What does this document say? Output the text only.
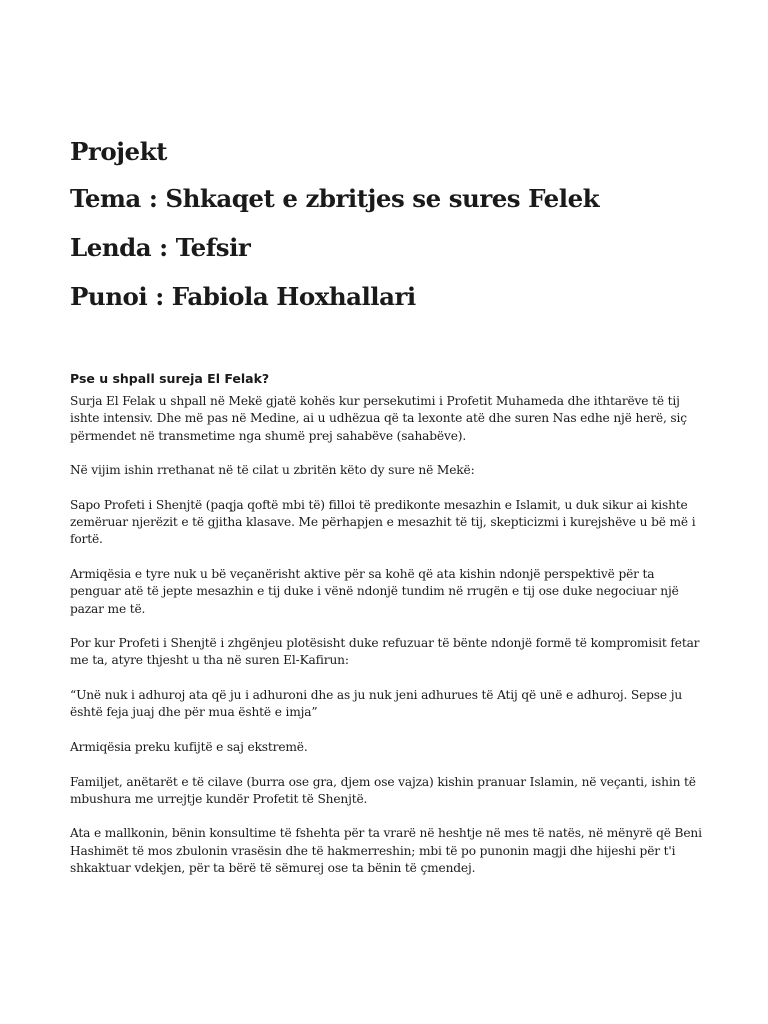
Projekt
Tema : Shkaqet e zbritjes se sures Felek
Lenda : Tefsir
Punoi : Fabiola Hoxhallari
Pse u shpall sureja El Felak?

Surja El Felak u shpall në Mekë gjatë kohës kur persekutimi i Profetit Muhameda dhe ithtarëve të tij ishte intensiv. Dhe më pas në Medine, ai u udhëzua që ta lexonte atë dhe suren Nas edhe një herë, siç përmendet në transmetime nga shumë prej sahabëve (sahabëve).

Në vijim ishin rrethanat në të cilat u zbritën këto dy sure në Mekë:

Sapo Profeti i Shenjtë (paqja qoftë mbi të) filloi të predikonte mesazhin e Islamit, u duk sikur ai kishte zemëruar njerëzit e të gjitha klasave. Me përhapjen e mesazhit të tij, skepticizmi i kurejshëve u bë më i fortë.

Armiqësia e tyre nuk u bë veçanërisht aktive për sa kohë që ata kishin ndonjë perspektivë për ta penguar atë të jepte mesazhin e tij duke i vënë ndonjë tundim në rrugën e tij ose duke negociuar një pazar me të.

Por kur Profeti i Shenjtë i zhgënjeu plotësisht duke refuzuar të bënte ndonjë formë të kompromisit fetar me ta, atyre thjesht u tha në suren El-Kafirun:

“Unë nuk i adhuroj ata që ju i adhuroni dhe as ju nuk jeni adhurues të Atij që unë e adhuroj. Sepse ju është feja juaj dhe për mua është e imja”

Armiqësia preku kufijtë e saj ekstremë.

Familjet, anëtarët e të cilave (burra ose gra, djem ose vajza) kishin pranuar Islamin, në veçanti, ishin të mbushura me urrejtje kundër Profetit të Shenjtë.

Ata e mallkonin, bënin konsultime të fshehta për ta vrarë në heshtje në mes të natës, në mënyrë që Beni Hashimët të mos zbulonin vrasësin dhe të hakmerreshin; mbi të po punonin magji dhe hijeshi për t'i shkaktuar vdekjen, për ta bërë të sëmurej ose ta bënin të çmendej.
